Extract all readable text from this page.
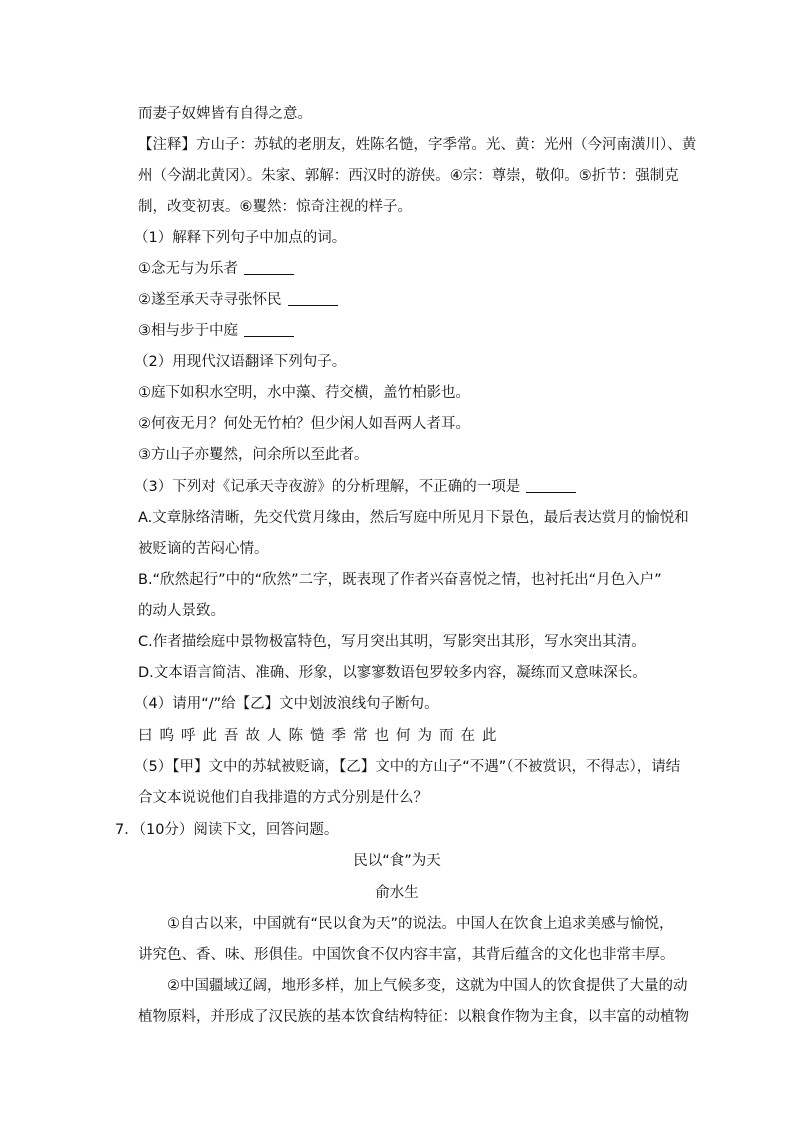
而妻子奴婢皆有自得之意。
【注释】方山子：苏轼的老朋友，姓陈名慥，字季常。光、黄：光州（今河南潢川）、黄
州（今湖北黄冈）。朱家、郭解：西汉时的游侠。④宗：尊崇，敬仰。⑤折节：强制克
制，改变初衷。⑥矍然：惊奇注视的样子。
（1）解释下列句子中加点的词。
①念无与为乐者
②遂至承天寺寻张怀民
③相与步于中庭
（2）用现代汉语翻译下列句子。
①庭下如积水空明，水中藻、荇交横，盖竹柏影也。
②何夜无月？何处无竹柏？但少闲人如吾两人者耳。
③方山子亦矍然，问余所以至此者。
（3）下列对《记承天寺夜游》的分析理解，不正确的一项是
A.文章脉络清晰，先交代赏月缘由，然后写庭中所见月下景色，最后表达赏月的愉悦和
被贬谪的苦闷心情。
B.“欣然起行”中的“欣然”二字，既表现了作者兴奋喜悦之情，也衬托出“月色入户”
的动人景致。
C.作者描绘庭中景物极富特色，写月突出其明，写影突出其形，写水突出其清。
D.文本语言简洁、准确、形象，以寥寥数语包罗较多内容，凝练而又意味深长。
（4）请用“/”给【乙】文中划波浪线句子断句。
曰呜呼此吾故人陈慥季常也何为而在此
（5）【甲】文中的苏轼被贬谪，【乙】文中的方山子“不遇”（不被赏识，不得志），请结
合文本说说他们自我排遣的方式分别是什么？
7．（10分）阅读下文，回答问题。
民以“食”为天
俞水生
①自古以来，中国就有“民以食为天”的说法。中国人在饮食上追求美感与愉悦，
讲究色、香、味、形俱佳。中国饮食不仅内容丰富，其背后蕴含的文化也非常丰厚。
②中国疆域辽阔，地形多样，加上气候多变，这就为中国人的饮食提供了大量的动
植物原料，并形成了汉民族的基本饮食结构特征：以粮食作物为主食，以丰富的动植物
